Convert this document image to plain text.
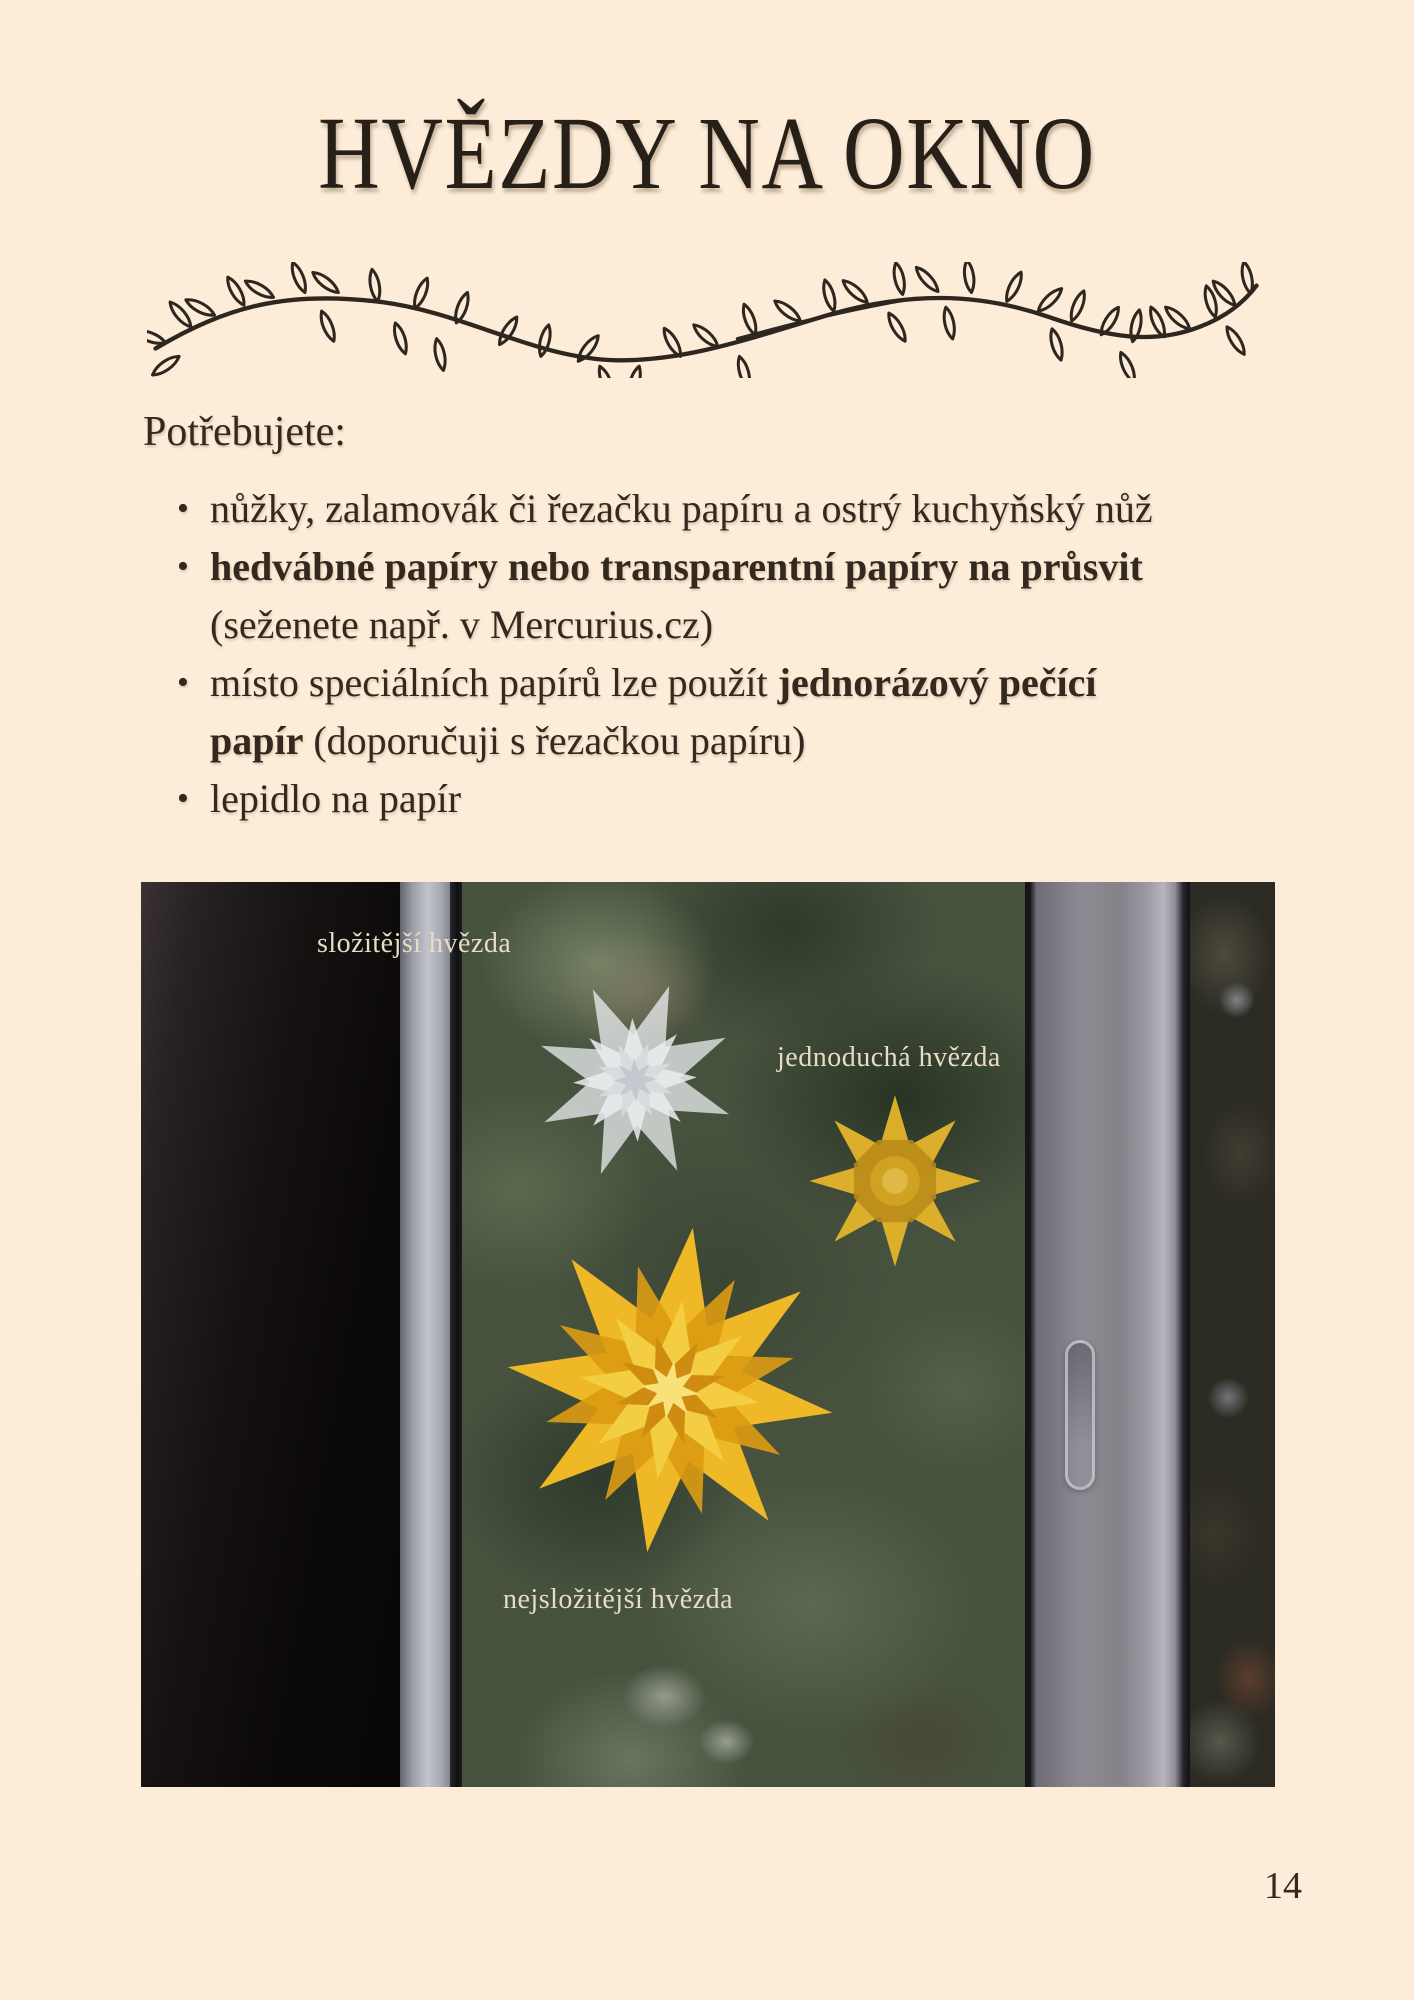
HVĚZDY NA OKNO
Potřebujete:
• nůžky, zalamovák či řezačku papíru a ostrý kuchyňský nůž

• hedvábné papíry nebo transparentní papíry na průsvit
(seženete např. v Mercurius.cz)

• místo speciálních papírů lze použít jednorázový pečící
papír (doporučuji s řezačkou papíru)

• lepidlo na papír

složitější hvězda
jednoduchá hvězda
nejsložitější hvězda
14
